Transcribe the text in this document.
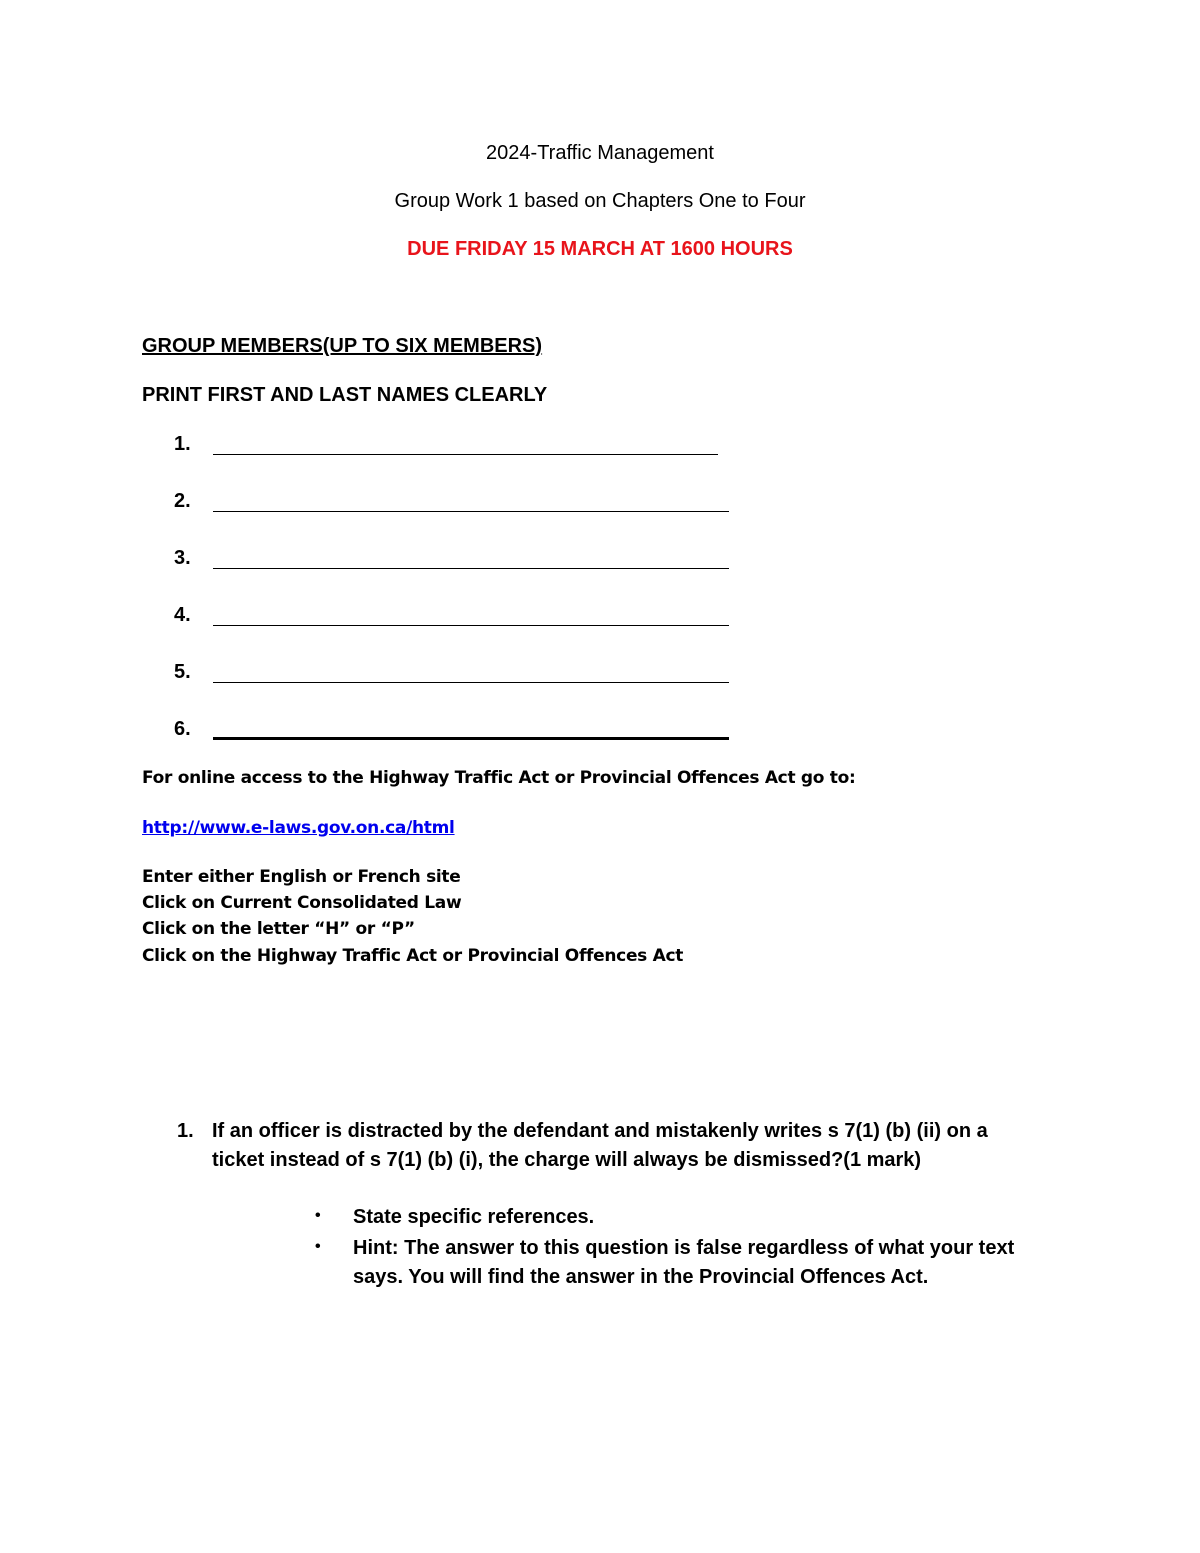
2024-Traffic Management
Group Work 1 based on Chapters One to Four
DUE FRIDAY 15 MARCH AT 1600 HOURS
GROUP MEMBERS(UP TO SIX MEMBERS)
PRINT FIRST AND LAST NAMES CLEARLY
1.
2.
3.
4.
5.
6.
For online access to the Highway Traffic Act or Provincial Offences Act go to:
http://www.e-laws.gov.on.ca/html
Enter either English or French site
Click on Current Consolidated Law
Click on the letter “H” or “P”
Click on the Highway Traffic Act or Provincial Offences Act
1. If an officer is distracted by the defendant and mistakenly writes s 7(1) (b) (ii) on a
ticket instead of s 7(1) (b) (i), the charge will always be dismissed?(1 mark)
• State specific references.
• Hint: The answer to this question is false regardless of what your text says. You will find the answer in the Provincial Offences Act.
